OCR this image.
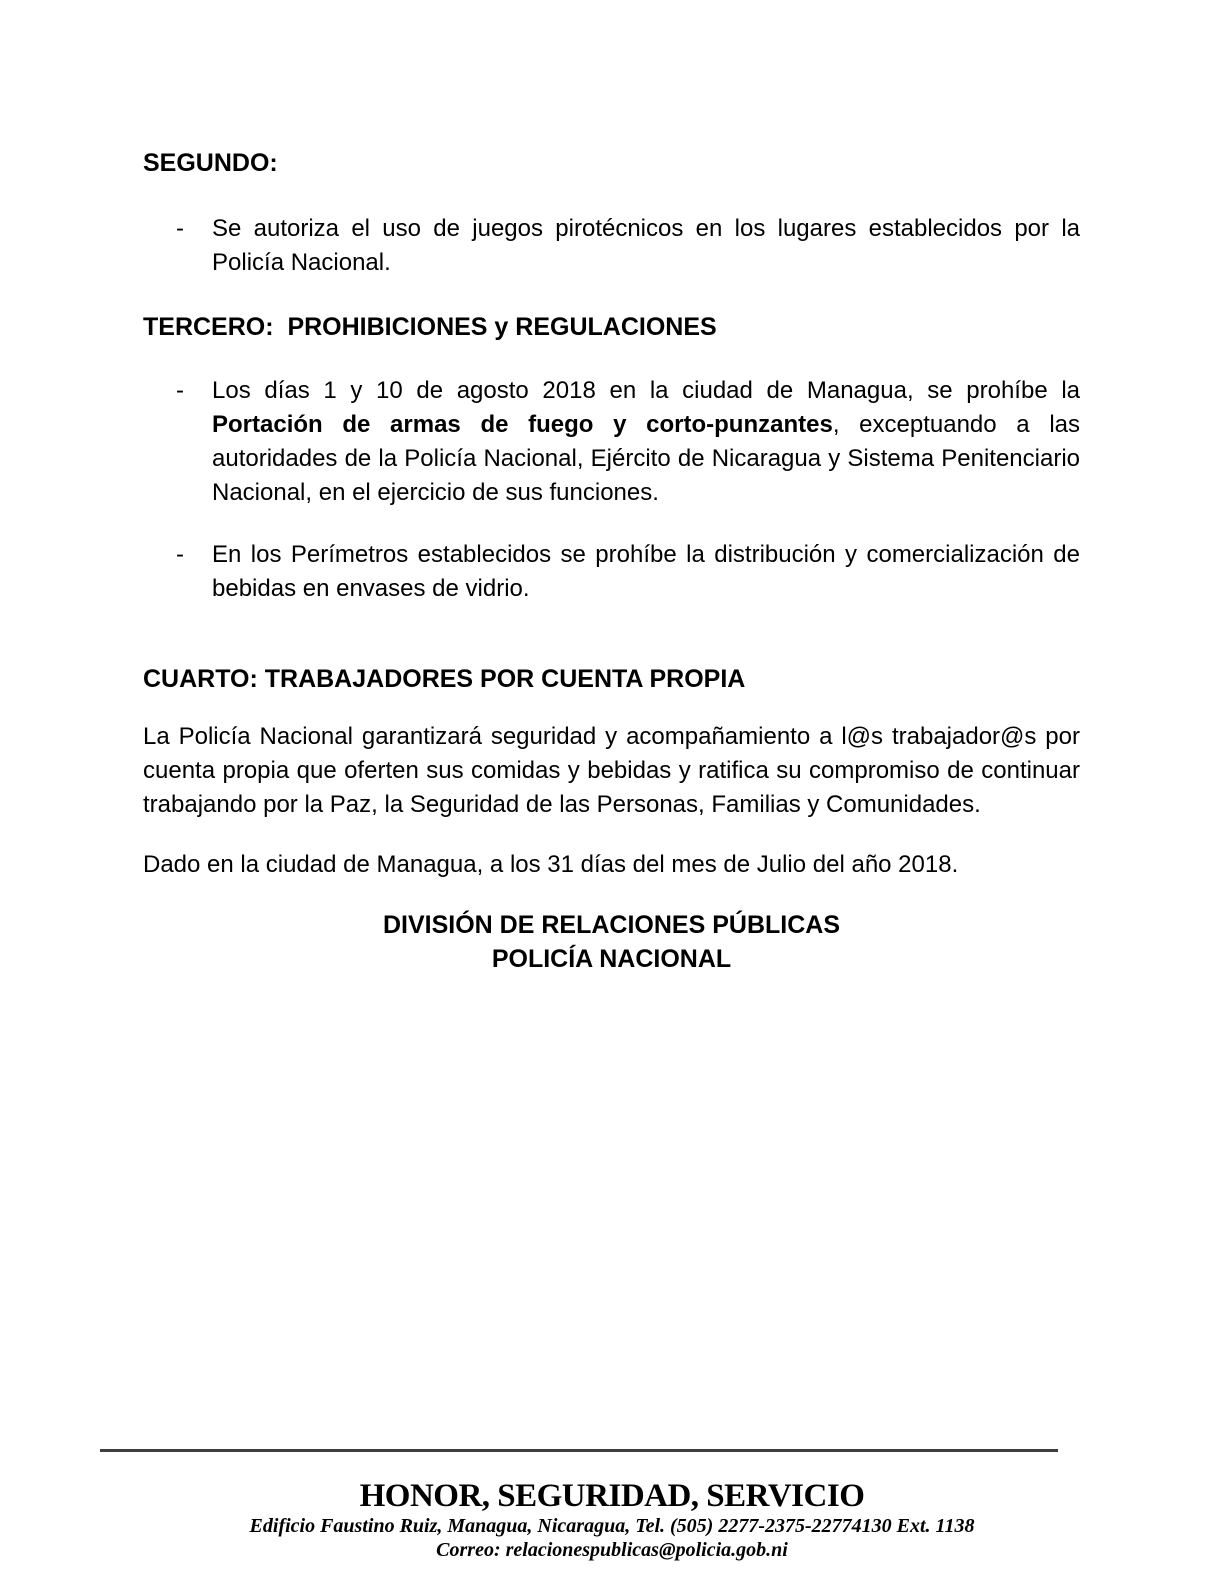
SEGUNDO:
-	Se autoriza el uso de juegos pirotécnicos en los lugares establecidos por la Policía Nacional.
TERCERO:  PROHIBICIONES y REGULACIONES
-	Los días 1 y 10 de agosto 2018 en la ciudad de Managua, se prohíbe la Portación de armas de fuego y corto-punzantes, exceptuando a las autoridades de la Policía Nacional, Ejército de Nicaragua y Sistema Penitenciario Nacional, en el ejercicio de sus funciones.
-	En los Perímetros establecidos se prohíbe la distribución y comercialización de bebidas en envases de vidrio.
CUARTO: TRABAJADORES POR CUENTA PROPIA

La Policía Nacional garantizará seguridad y acompañamiento a l@s trabajador@s por cuenta propia que oferten sus comidas y bebidas y ratifica su compromiso de continuar trabajando por la Paz, la Seguridad de las Personas, Familias y Comunidades.

Dado en la ciudad de Managua, a los 31 días del mes de Julio del año 2018.

DIVISIÓN DE RELACIONES PÚBLICAS
POLICÍA NACIONAL

HONOR, SEGURIDAD, SERVICIO

Edificio Faustino Ruiz, Managua, Nicaragua, Tel. (505) 2277-2375-22774130 Ext. 1138

Correo: relacionespublicas@policia.gob.ni
